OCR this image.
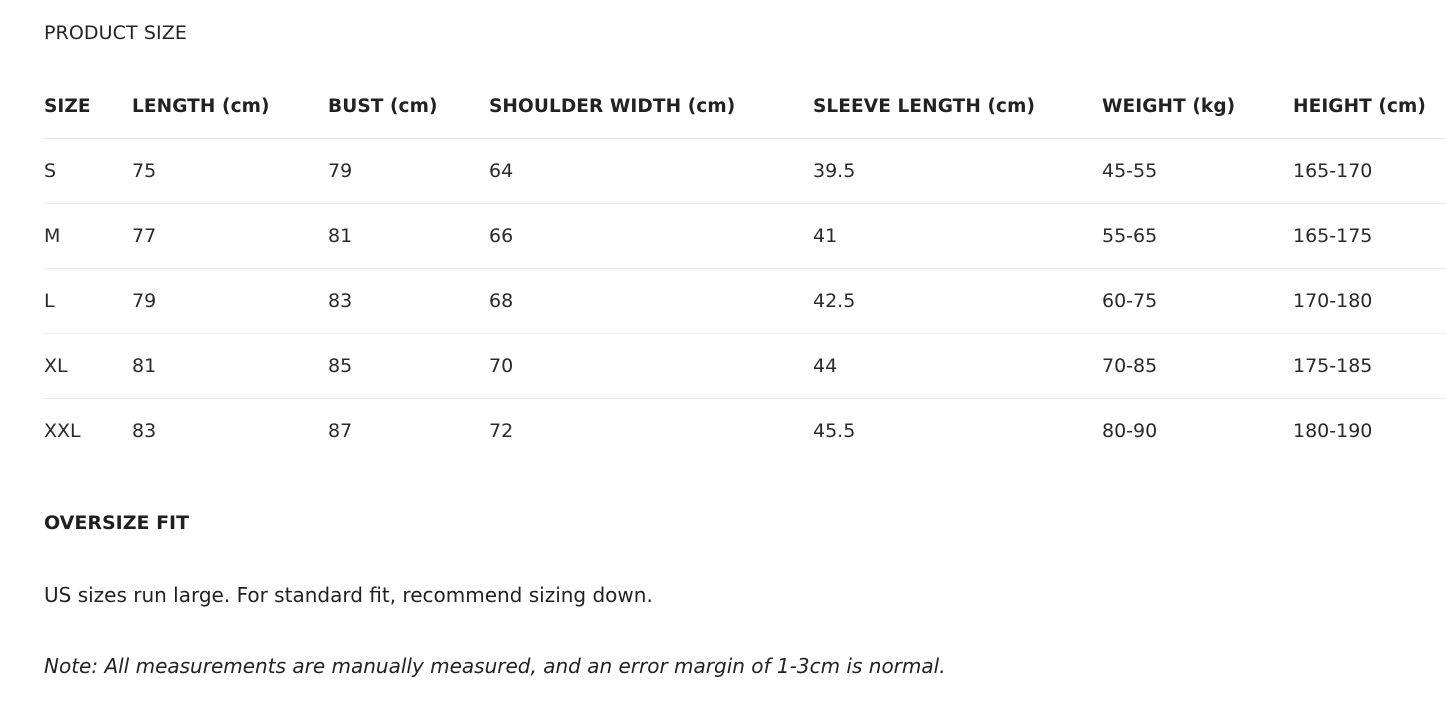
PRODUCT SIZE
SIZE	LENGTH (cm)	BUST (cm)	SHOULDER WIDTH (cm)	SLEEVE LENGTH (cm)	WEIGHT (kg)	HEIGHT (cm)
S	75	79	64	39.5	45-55	165-170
M	77	81	66	41	55-65	165-175
L	79	83	68	42.5	60-75	170-180
XL	81	85	70	44	70-85	175-185
XXL	83	87	72	45.5	80-90	180-190
OVERSIZE FIT
US sizes run large. For standard fit, recommend sizing down.
Note: All measurements are manually measured, and an error margin of 1-3cm is normal.
